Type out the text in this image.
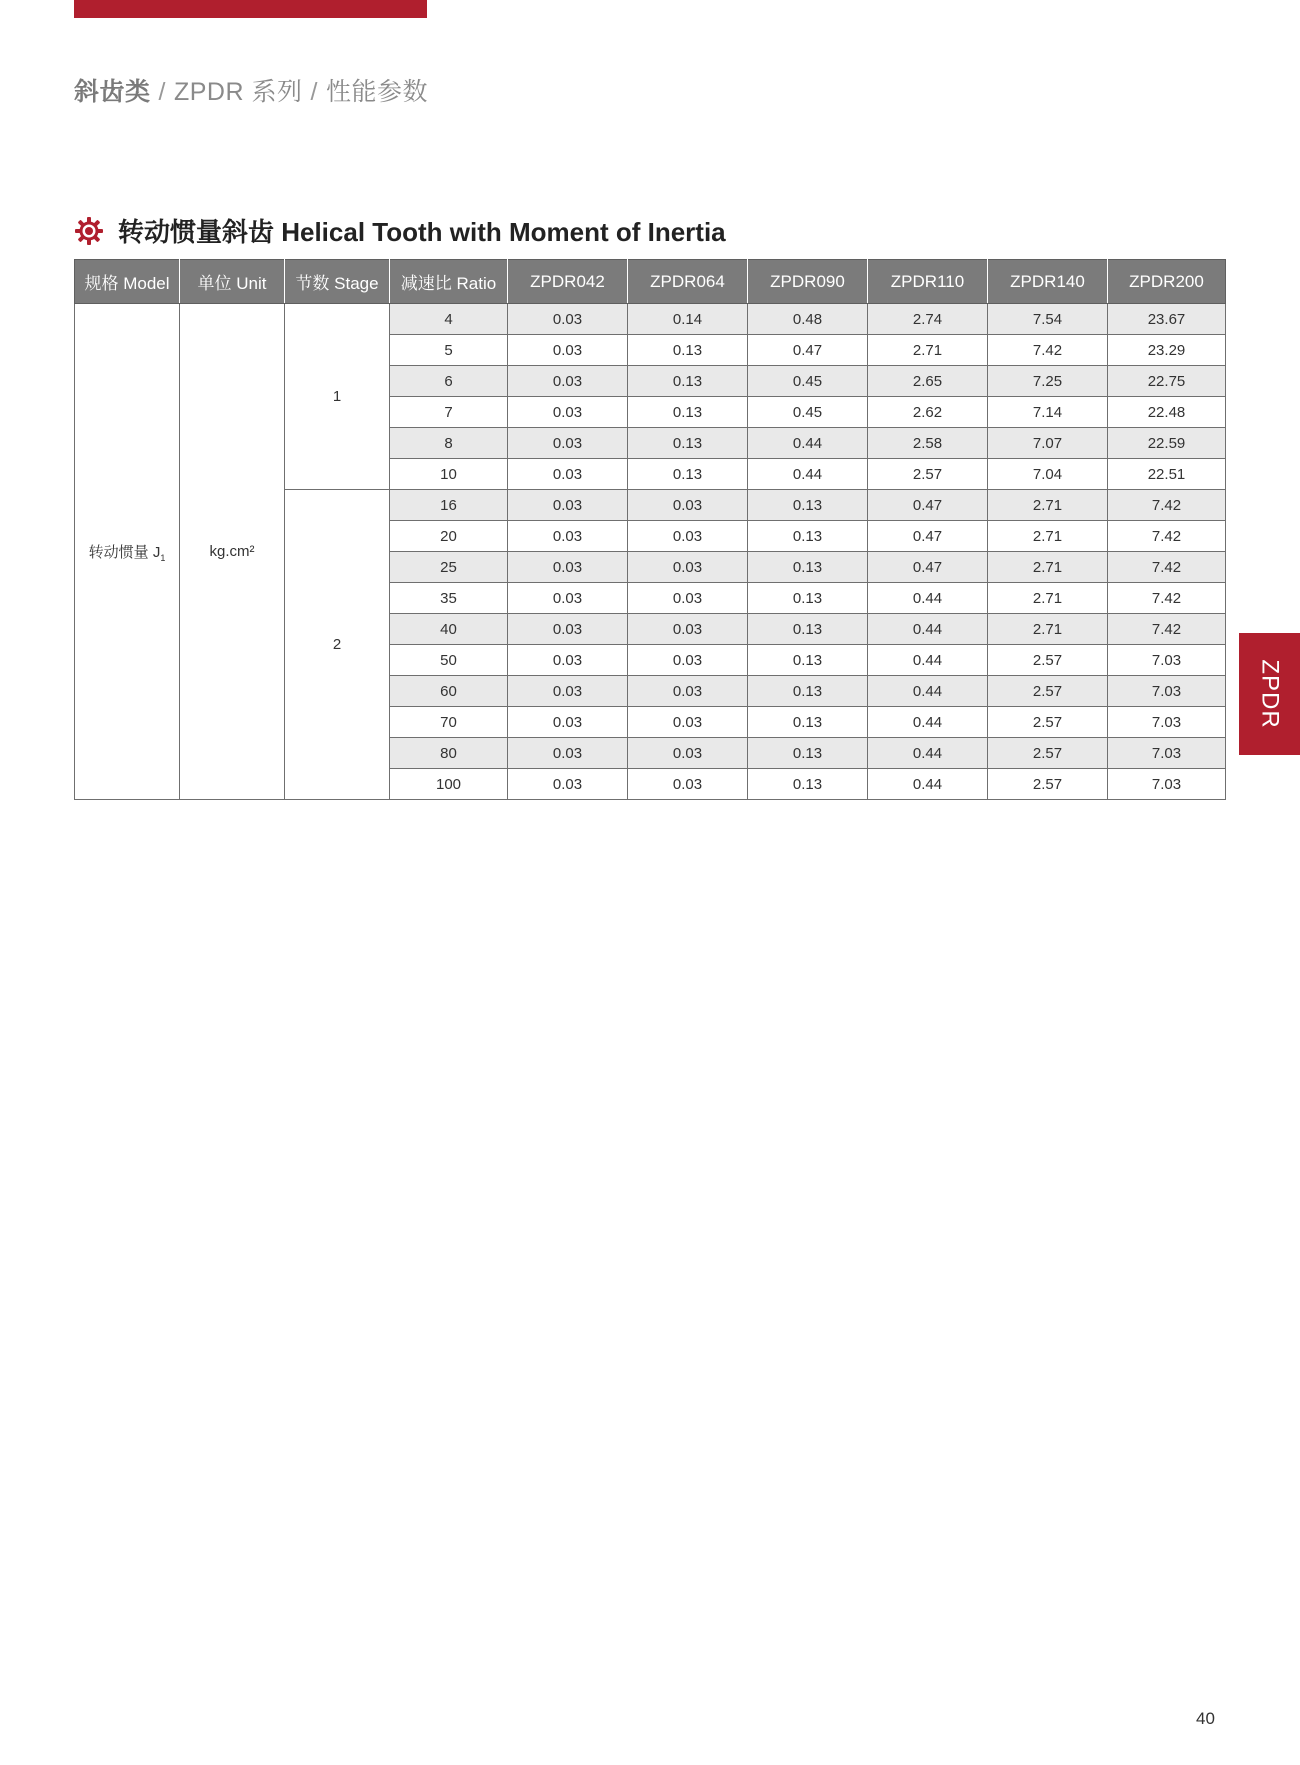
斜齿类 / ZPDR 系列 / 性能参数
转动惯量斜齿 Helical Tooth with Moment of Inertia
规格 Model	单位 Unit	节数 Stage	减速比 Ratio	ZPDR042	ZPDR064	ZPDR090	ZPDR110	ZPDR140	ZPDR200
转动惯量 $J_1$	kg.cm²	1	4	0.03	0.14	0.48	2.74	7.54	23.67
			5	0.03	0.13	0.47	2.71	7.42	23.29
			6	0.03	0.13	0.45	2.65	7.25	22.75
			7	0.03	0.13	0.45	2.62	7.14	22.48
			8	0.03	0.13	0.44	2.58	7.07	22.59
			10	0.03	0.13	0.44	2.57	7.04	22.51
		2	16	0.03	0.03	0.13	0.47	2.71	7.42
			20	0.03	0.03	0.13	0.47	2.71	7.42
			25	0.03	0.03	0.13	0.47	2.71	7.42
			35	0.03	0.03	0.13	0.44	2.71	7.42
			40	0.03	0.03	0.13	0.44	2.71	7.42
			50	0.03	0.03	0.13	0.44	2.57	7.03
			60	0.03	0.03	0.13	0.44	2.57	7.03
			70	0.03	0.03	0.13	0.44	2.57	7.03
			80	0.03	0.03	0.13	0.44	2.57	7.03
			100	0.03	0.03	0.13	0.44	2.57	7.03
ZPDR
40
